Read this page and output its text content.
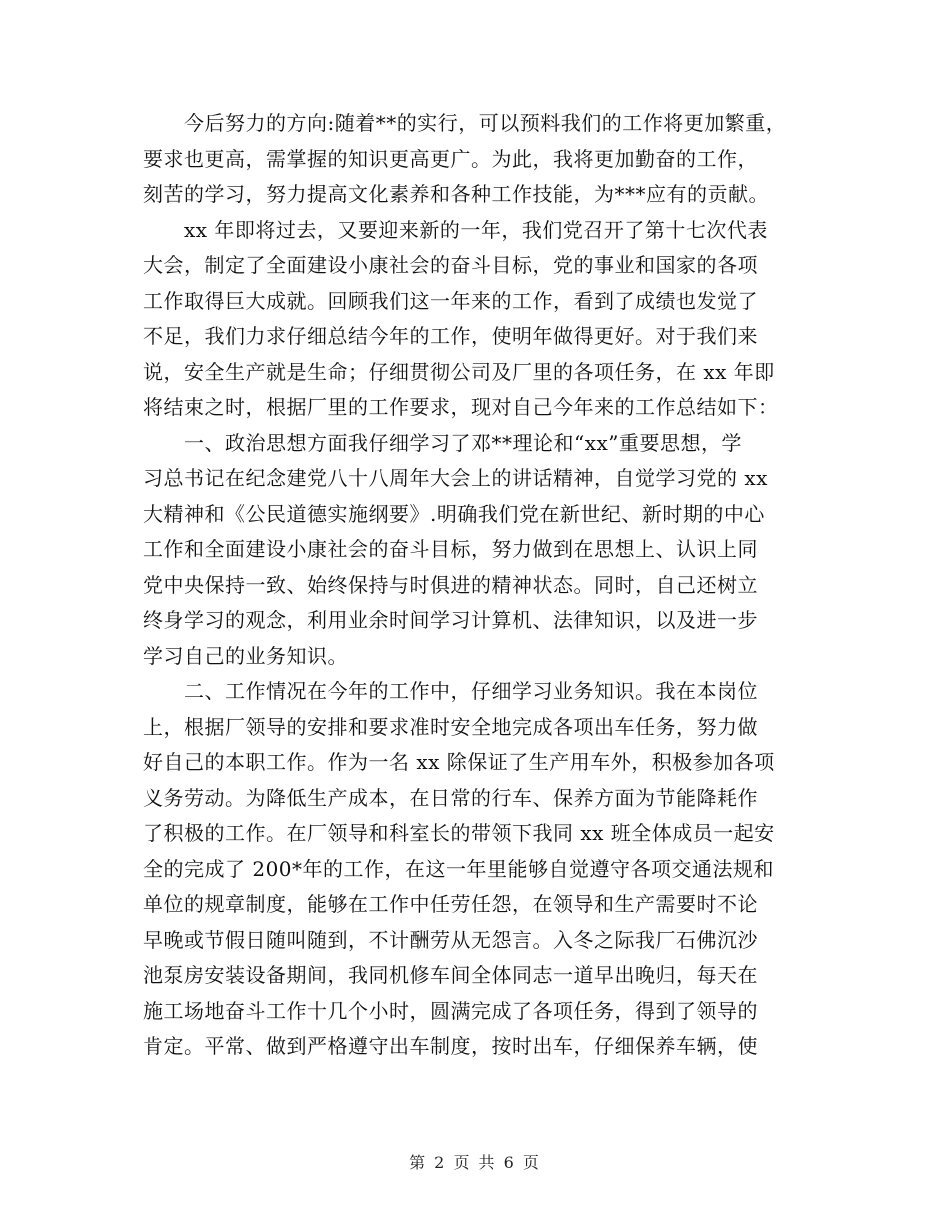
　　今后努力的方向:随着**的实行，可以预料我们的工作将更加繁重，
要求也更高，需掌握的知识更高更广。为此，我将更加勤奋的工作，
刻苦的学习，努力提高文化素养和各种工作技能，为***应有的贡献。
　　xx 年即将过去，又要迎来新的一年，我们党召开了第十七次代表
大会，制定了全面建设小康社会的奋斗目标，党的事业和国家的各项
工作取得巨大成就。回顾我们这一年来的工作，看到了成绩也发觉了
不足，我们力求仔细总结今年的工作，使明年做得更好。对于我们来
说，安全生产就是生命；仔细贯彻公司及厂里的各项任务，在 xx 年即
将结束之时，根据厂里的工作要求，现对自己今年来的工作总结如下：
　　一、政治思想方面我仔细学习了邓**理论和“xx”重要思想，学
习总书记在纪念建党八十八周年大会上的讲话精神，自觉学习党的 xx
大精神和《公民道德实施纲要》.明确我们党在新世纪、新时期的中心
工作和全面建设小康社会的奋斗目标，努力做到在思想上、认识上同
党中央保持一致、始终保持与时俱进的精神状态。同时，自己还树立
终身学习的观念，利用业余时间学习计算机、法律知识，以及进一步
学习自己的业务知识。
　　二、工作情况在今年的工作中，仔细学习业务知识。我在本岗位
上，根据厂领导的安排和要求准时安全地完成各项出车任务，努力做
好自己的本职工作。作为一名 xx 除保证了生产用车外，积极参加各项
义务劳动。为降低生产成本，在日常的行车、保养方面为节能降耗作
了积极的工作。在厂领导和科室长的带领下我同 xx 班全体成员一起安
全的完成了 200*年的工作，在这一年里能够自觉遵守各项交通法规和
单位的规章制度，能够在工作中任劳任怨，在领导和生产需要时不论
早晚或节假日随叫随到，不计酬劳从无怨言。入冬之际我厂石佛沉沙
池泵房安装设备期间，我同机修车间全体同志一道早出晚归，每天在
施工场地奋斗工作十几个小时，圆满完成了各项任务，得到了领导的
肯定。平常、做到严格遵守出车制度，按时出车，仔细保养车辆，使
第 2 页 共 6 页
